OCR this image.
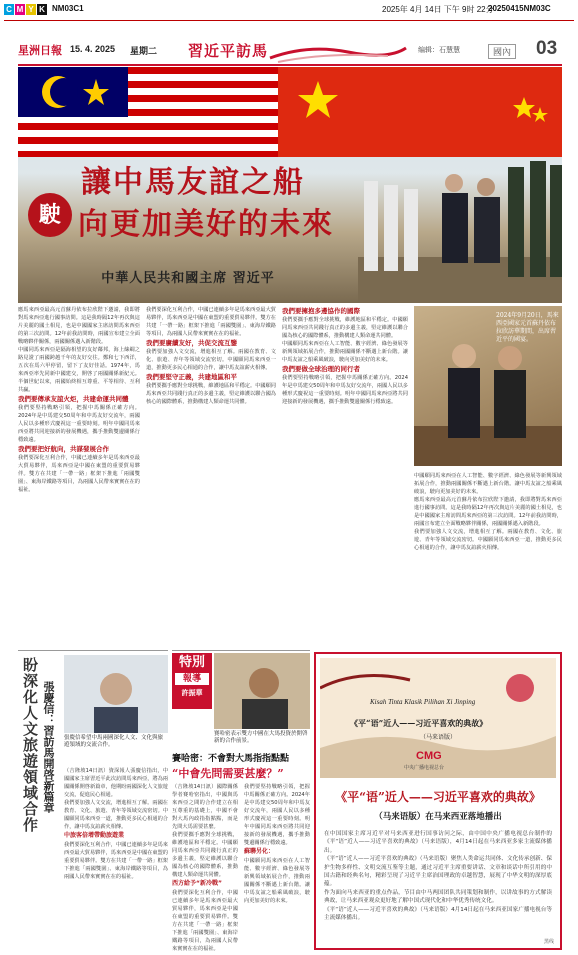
C M Y K NM03C1	2025年 4月 14日 下午 9时 22分
20250415NM03C
星洲日報 15. 4. 2025 星期二 習近平訪馬	编辑：石慧慧	國內 03
讓中馬友誼之船
駛 向更加美好的未來
中華人民共和國主席 習近平

應馬來西亞最高元首蘇丹依布拉欣陛下邀請，我即將對馬來西亞進行國事訪問。這是我時隔12年再次與這片美麗的國土相見，也是中國國家主席訪問馬來西亞的第三次訪問。12年前我訪問時，兩國宣布建立全面戰略夥伴關係，兩國關係邁入新階段。

中國同馬來西亞是隔海相望的友好鄰邦，海上絲綢之路見證了兩國跨越千年的友好交往。鄭和七下西洋，五次在馬六甲停留，留下了友好佳話。1974年，馬來西亞率先同新中國建交，開啓了兩國關係新紀元。半個世紀以來，兩國始終相互尊重、平等相待、互利共贏。

我們要傳承友誼火炬，共建命運共同體

我們要堅持戰略引領，把握中馬關係正確方向。2024年是中馬建交50周年和中馬友好交流年，兩國人民以多種形式慶祝這一重要時刻。明年中國同馬來西亞將共同迎接新的發展機遇，攜手推動雙邊關係行穩致遠。

我們要把好航向，共謀發展合作

我們要深化互利合作，中國已連續多年是馬來西亞最大貿易夥伴，馬來西亞是中國在東盟的重要貿易夥伴。雙方在共建「一帶一路」框架下推進「兩國雙園」、東海岸鐵路等項目，為兩國人民帶來實實在在的福祉。

我們要深化互利合作，中國已連續多年是馬來西亞最大貿易夥伴，馬來西亞是中國在東盟的重要貿易夥伴。雙方在共建「一帶一路」框架下推進「兩國雙園」、東海岸鐵路等項目，為兩國人民帶來實實在在的福祉。

我們要賡續友好，共促交流互鑒

我們要加強人文交流，增進相互了解。兩國在教育、文化、旅遊、青年等領域交流密切。中國願同馬來西亞一道，推動更多民心相通的合作，讓中馬友誼薪火相傳。

我們要堅守正義，共建地區和平

我們要攜手應對全球挑戰，維護地區和平穩定。中國願同馬來西亞共同踐行真正的多邊主義，堅定維護以聯合國為核心的國際體系，推動構建人類命運共同體。

我們要擁抱多邊協作的國際

我們要攜手應對全球挑戰，維護地區和平穩定。中國願同馬來西亞共同踐行真正的多邊主義，堅定維護以聯合國為核心的國際體系，推動構建人類命運共同體。

中國願同馬來西亞在人工智能、數字經濟、綠色發展等新興領域拓展合作，推動兩國關係不斷邁上新台階。讓中馬友誼之船乘風破浪，駛向更加美好的未來。

我們要做全球治理的同行者

我們要堅持戰略引領，把握中馬關係正確方向。2024年是中馬建交50周年和中馬友好交流年，兩國人民以多種形式慶祝這一重要時刻。明年中國同馬來西亞將共同迎接新的發展機遇，攜手推動雙邊關係行穩致遠。

2024年9月20日，馬來西亞國家元首蘇丹依布拉欣訪華期間，出席習近平的國宴。

中國願同馬來西亞在人工智能、數字經濟、綠色發展等新興領域拓展合作，推動兩國關係不斷邁上新台階。讓中馬友誼之船乘風破浪，駛向更加美好的未來。

應馬來西亞最高元首蘇丹依布拉欣陛下邀請，我即將對馬來西亞進行國事訪問。這是我時隔12年再次與這片美麗的國土相見，也是中國國家主席訪問馬來西亞的第三次訪問。12年前我訪問時，兩國宣布建立全面戰略夥伴關係，兩國關係邁入新階段。

我們要加強人文交流，增進相互了解。兩國在教育、文化、旅遊、青年等領域交流密切。中國願同馬來西亞一道，推動更多民心相通的合作，讓中馬友誼薪火相傳。

盼深化人文旅遊領域合作 張慶信：習訪馬開啓新篇章 張慶信希望中馬兩國深化人文、文化與旅遊領域的交流合作。

（吉隆坡14日訊）資深報人張慶信指出，中國國家主席習近平此次訪問馬來西亞，將為兩國關係開啓新篇章，他期盼兩國深化人文旅遊交流，促進民心相通。

我們要加強人文交流，增進相互了解。兩國在教育、文化、旅遊、青年等領域交流密切。中國願同馬來西亞一道，推動更多民心相通的合作，讓中馬友誼薪火相傳。

中旅客倍增帶動旅遊業

我們要深化互利合作，中國已連續多年是馬來西亞最大貿易夥伴，馬來西亞是中國在東盟的重要貿易夥伴。雙方在共建「一帶一路」框架下推進「兩國雙園」、東海岸鐵路等項目，為兩國人民帶來實實在在的福祉。

特別
報導
許振華
賽哈密表示雙方中國在大馬投資於開啓新的合作前景。
賽哈密：不會對大馬指指點點
“中會先問需要甚麼？”

（吉隆坡14日訊）國際關係學者賽哈密指出，中國與馬來西亞之間的合作建立在相互尊重的基礎上，中國不會對大馬內政指指點點，而是先問大馬需要甚麼。

我們要攜手應對全球挑戰，維護地區和平穩定。中國願同馬來西亞共同踐行真正的多邊主義，堅定維護以聯合國為核心的國際體系，推動構建人類命運共同體。

西方給予“新冷戰”

我們要深化互利合作，中國已連續多年是馬來西亞最大貿易夥伴，馬來西亞是中國在東盟的重要貿易夥伴。雙方在共建「一帶一路」框架下推進「兩國雙園」、東海岸鐵路等項目，為兩國人民帶來實實在在的福祉。

我們要堅持戰略引領，把握中馬關係正確方向。2024年是中馬建交50周年和中馬友好交流年，兩國人民以多種形式慶祝這一重要時刻。明年中國同馬來西亞將共同迎接新的發展機遇，攜手推動雙邊關係行穩致遠。

蘇聯另化：

中國願同馬來西亞在人工智能、數字經濟、綠色發展等新興領域拓展合作，推動兩國關係不斷邁上新台階。讓中馬友誼之船乘風破浪，駛向更加美好的未來。

Kisah Tinta Klasik Pilihan Xi Jinping
《平“语”近人——习近平喜欢的典故》
（马来语版）
CMG
中央广播电视总台
《平“语”近人——习近平喜欢的典故》
（马来语版）在马来西亚落地播出

在中国国家主席习近平对马来西亚进行国事访问之际，由中国中央广播电视总台制作的《平“语”近人——习近平喜欢的典故》（马来语版），4月14日起在马来西亚多家主流媒体播出。

《平“语”近人——习近平喜欢的典故》（马来语版）聚焦人类命运共同体、文化传承创新、保护生物多样性、文明交流互鉴等主题，通过习近平主席重要讲话、文章和谈话中所引用的中国古籍和经典名句，精彩呈现了习近平主席治国理政的卓越智慧，展现了中华文明的深厚底蕴。

作为面向马来西亚的重点作品，节目由中马两国团队共同策划和制作，以讲故事的方式解读典故，让马来西亚观众更好地了解中国式现代化和中华优秀传统文化。

《平“语”近人——习近平喜欢的典故》（马来语版）4月14日起在马来西亚国家广播电视台等主流媒体播出。

黑线
